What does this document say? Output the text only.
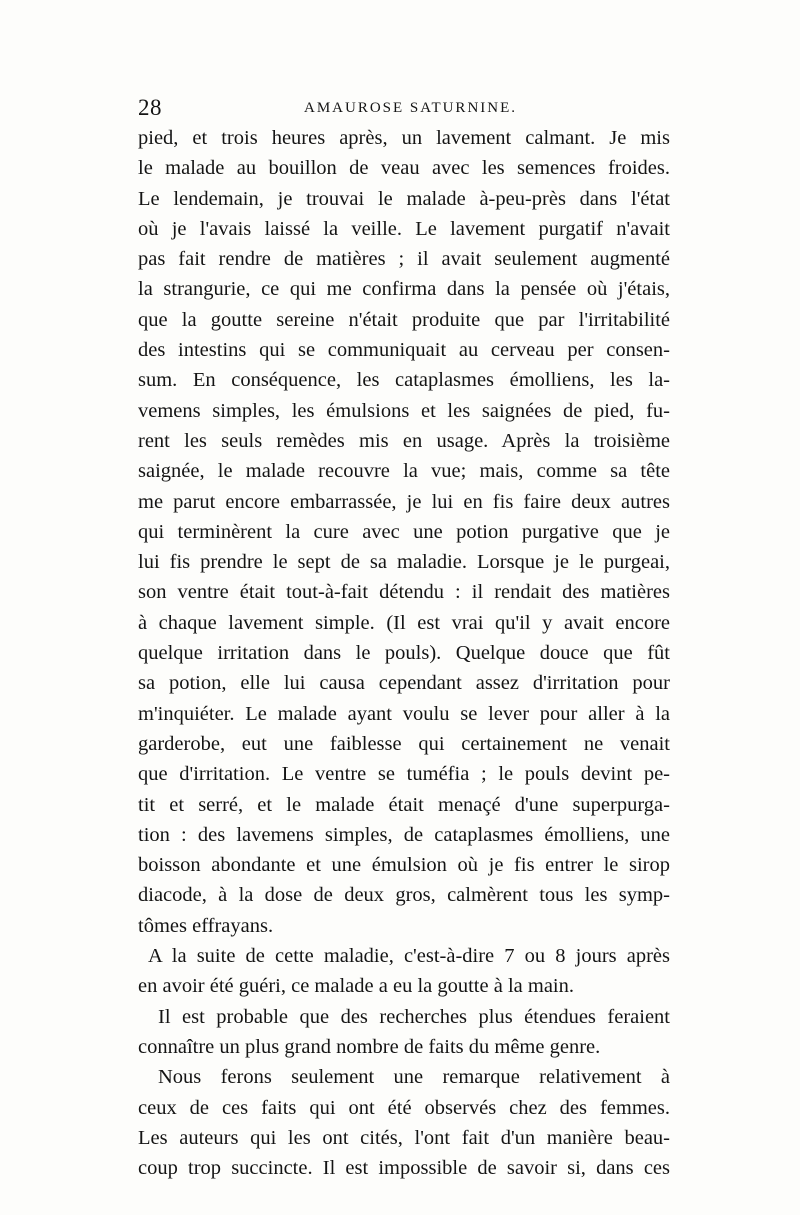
28	AMAUROSE SATURNINE.
pied, et trois heures après, un lavement calmant. Je mis
le malade au bouillon de veau avec les semences froides.
Le lendemain, je trouvai le malade à-peu-près dans l'état
où je l'avais laissé la veille. Le lavement purgatif n'avait
pas fait rendre de matières ; il avait seulement augmenté
la strangurie, ce qui me confirma dans la pensée où j'étais,
que la goutte sereine n'était produite que par l'irritabilité
des intestins qui se communiquait au cerveau per consen-
sum. En conséquence, les cataplasmes émolliens, les la-
vemens simples, les émulsions et les saignées de pied, fu-
rent les seuls remèdes mis en usage. Après la troisième
saignée, le malade recouvre la vue; mais, comme sa tête
me parut encore embarrassée, je lui en fis faire deux autres
qui terminèrent la cure avec une potion purgative que je
lui fis prendre le sept de sa maladie. Lorsque je le purgeai,
son ventre était tout-à-fait détendu : il rendait des matières
à chaque lavement simple. (Il est vrai qu'il y avait encore
quelque irritation dans le pouls). Quelque douce que fût
sa potion, elle lui causa cependant assez d'irritation pour
m'inquiéter. Le malade ayant voulu se lever pour aller à la
garderobe, eut une faiblesse qui certainement ne venait
que d'irritation. Le ventre se tuméfia ; le pouls devint pe-
tit et serré, et le malade était menaçé d'une superpurga-
tion : des lavemens simples, de cataplasmes émolliens, une
boisson abondante et une émulsion où je fis entrer le sirop
diacode, à la dose de deux gros, calmèrent tous les symp-
tômes effrayans.
A la suite de cette maladie, c'est-à-dire 7 ou 8 jours après
en avoir été guéri, ce malade a eu la goutte à la main.
Il est probable que des recherches plus étendues feraient
connaître un plus grand nombre de faits du même genre.
Nous ferons seulement une remarque relativement à
ceux de ces faits qui ont été observés chez des femmes.
Les auteurs qui les ont cités, l'ont fait d'un manière beau-
coup trop succincte. Il est impossible de savoir si, dans ces
